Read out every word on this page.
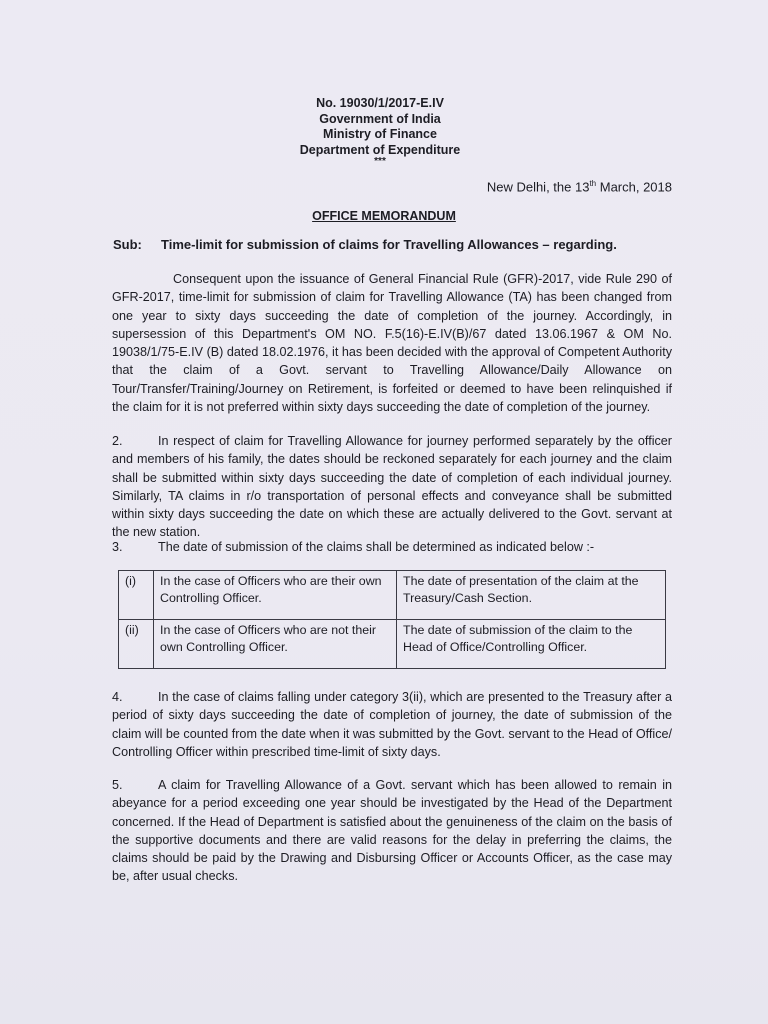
No. 19030/1/2017-E.IV
Government of India
Ministry of Finance
Department of Expenditure
***
New Delhi, the 13th March, 2018
OFFICE MEMORANDUM
Sub: Time-limit for submission of claims for Travelling Allowances – regarding.
Consequent upon the issuance of General Financial Rule (GFR)-2017, vide Rule 290 of GFR-2017, time-limit for submission of claim for Travelling Allowance (TA) has been changed from one year to sixty days succeeding the date of completion of the journey. Accordingly, in supersession of this Department's OM NO. F.5(16)-E.IV(B)/67 dated 13.06.1967 & OM No. 19038/1/75-E.IV (B) dated 18.02.1976, it has been decided with the approval of Competent Authority that the claim of a Govt. servant to Travelling Allowance/Daily Allowance on Tour/Transfer/Training/Journey on Retirement, is forfeited or deemed to have been relinquished if the claim for it is not preferred within sixty days succeeding the date of completion of the journey.
2.	In respect of claim for Travelling Allowance for journey performed separately by the officer and members of his family, the dates should be reckoned separately for each journey and the claim shall be submitted within sixty days succeeding the date of completion of each individual journey. Similarly, TA claims in r/o transportation of personal effects and conveyance shall be submitted within sixty days succeeding the date on which these are actually delivered to the Govt. servant at the new station.
3.	The date of submission of the claims shall be determined as indicated below :-
(i)	In the case of Officers who are their own Controlling Officer.	The date of presentation of the claim at the Treasury/Cash Section.
(ii)	In the case of Officers who are not their own Controlling Officer.	The date of submission of the claim to the Head of Office/Controlling Officer.
4.	In the case of claims falling under category 3(ii), which are presented to the Treasury after a period of sixty days succeeding the date of completion of journey, the date of submission of the claim will be counted from the date when it was submitted by the Govt. servant to the Head of Office/ Controlling Officer within prescribed time-limit of sixty days.
5.	A claim for Travelling Allowance of a Govt. servant which has been allowed to remain in abeyance for a period exceeding one year should be investigated by the Head of the Department concerned. If the Head of Department is satisfied about the genuineness of the claim on the basis of the supportive documents and there are valid reasons for the delay in preferring the claims, the claims should be paid by the Drawing and Disbursing Officer or Accounts Officer, as the case may be, after usual checks.
